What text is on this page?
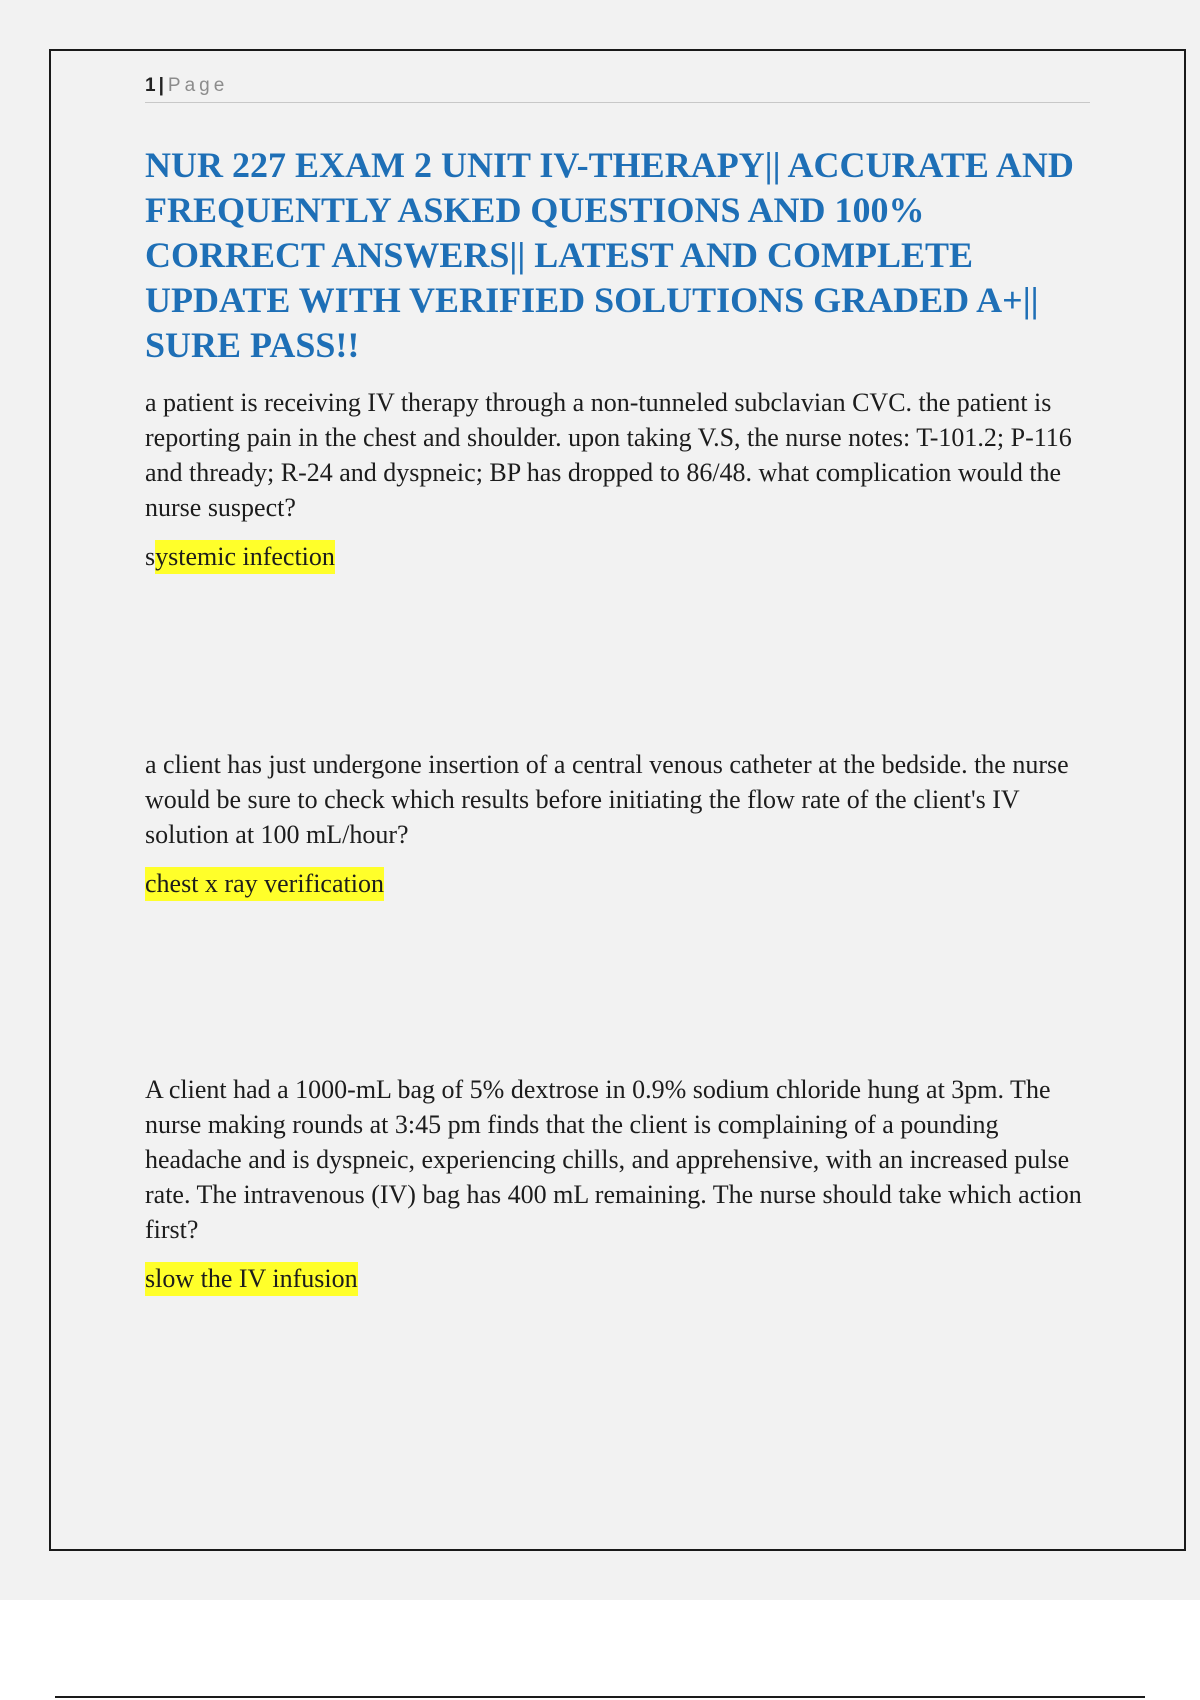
1 | Page
NUR 227 EXAM 2 UNIT IV-THERAPY|| ACCURATE AND FREQUENTLY ASKED QUESTIONS AND 100% CORRECT ANSWERS|| LATEST AND COMPLETE UPDATE WITH VERIFIED SOLUTIONS GRADED A+|| SURE PASS!!

a patient is receiving IV therapy through a non-tunneled subclavian CVC. the patient is reporting pain in the chest and shoulder. upon taking V.S, the nurse notes: T-101.2; P-116 and thready; R-24 and dyspneic; BP has dropped to 86/48. what complication would the nurse suspect?

systemic infection

a client has just undergone insertion of a central venous catheter at the bedside. the nurse would be sure to check which results before initiating the flow rate of the client's IV solution at 100 mL/hour?

chest x ray verification

A client had a 1000-mL bag of 5% dextrose in 0.9% sodium chloride hung at 3pm. The nurse making rounds at 3:45 pm finds that the client is complaining of a pounding headache and is dyspneic, experiencing chills, and apprehensive, with an increased pulse rate. The intravenous (IV) bag has 400 mL remaining. The nurse should take which action first?

slow the IV infusion
